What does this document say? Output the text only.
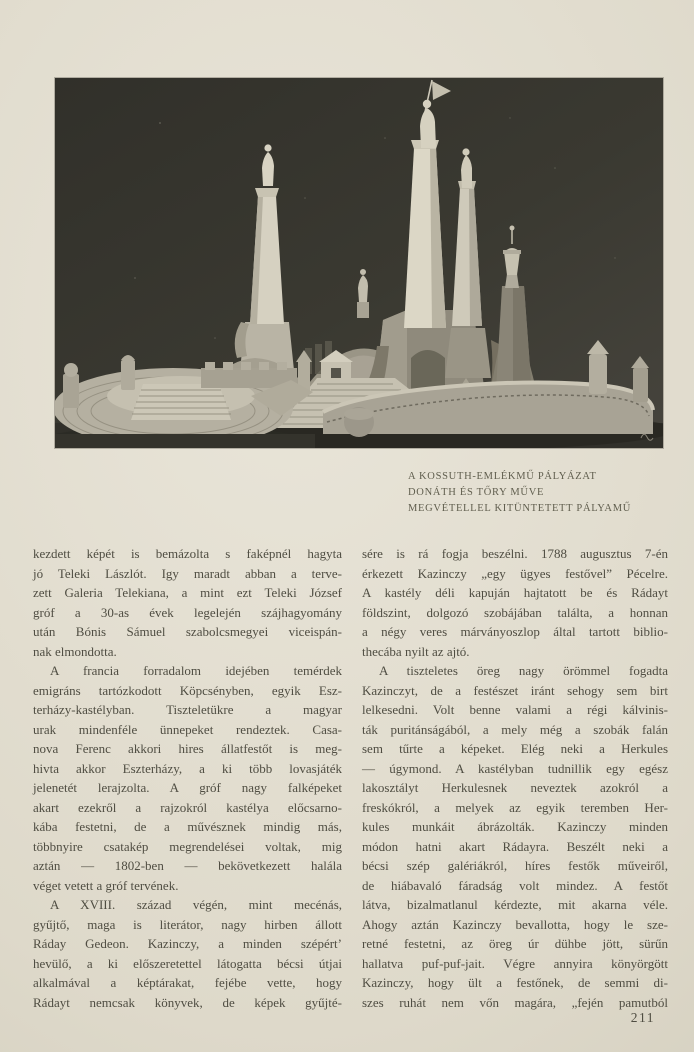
A KOSSUTH-EMLÉKMŰ PÁLYÁZAT
DONÁTH ÉS TŐRY MŰVE
MEGVÉTELLEL KITÜNTETETT PÁLYAMŰ
kezdett képét is bemázolta s faképnél hagyta
jó Teleki Lászlót. Igy maradt abban a terve-
zett Galeria Telekiana, a mint ezt Teleki József
gróf a 30-as évek legelején szájhagyomány
után Bónis Sámuel szabolcsmegyei viceispán-
nak elmondotta.
A francia forradalom idejében temérdek
emigráns tartózkodott Köpcsényben, egyik Esz-
terházy-kastélyban. Tiszteletükre a magyar
urak mindenféle ünnepeket rendeztek. Casa-
nova Ferenc akkori hires állatfestőt is meg-
hivta akkor Eszterházy, a ki több lovasjáték
jelenetét lerajzolta. A gróf nagy falképeket
akart ezekről a rajzokról kastélya előcsarno-
kába festetni, de a művésznek mindig más,
többnyire csatakép megrendelései voltak, mig
aztán — 1802-ben — bekövetkezett halála
véget vetett a gróf tervének.
A XVIII. század végén, mint mecénás,
gyűjtő, maga is literátor, nagy hirben állott
Ráday Gedeon. Kazinczy, a minden szépért’
hevülő, a ki előszeretettel látogatta bécsi útjai
alkalmával a képtárakat, fejébe vette, hogy
Rádayt nemcsak könyvek, de képek gyűjté-
sére is rá fogja beszélni. 1788 augusztus 7-én
érkezett Kazinczy „egy ügyes festővel” Pécelre.
A kastély déli kapuján hajtatott be és Rádayt
földszint, dolgozó szobájában találta, a honnan
a négy veres márványoszlop által tartott biblio-
thecába nyilt az ajtó.
A tiszteletes öreg nagy örömmel fogadta
Kazinczyt, de a festészet iránt sehogy sem birt
lelkesedni. Volt benne valami a régi kálvinis-
ták puritánságából, a mely még a szobák falán
sem tűrte a képeket. Elég neki a Herkules
— úgymond. A kastélyban tudnillik egy egész
lakosztályt Herkulesnek neveztek azokról a
freskókról, a melyek az egyik teremben Her-
kules munkáit ábrázolták. Kazinczy minden
módon hatni akart Rádayra. Beszélt neki a
bécsi szép galériákról, híres festők műveiről,
de hiábavaló fáradság volt mindez. A festőt
látva, bizalmatlanul kérdezte, mit akarna véle.
Ahogy aztán Kazinczy bevallotta, hogy le sze-
retné festetni, az öreg úr dühbe jött, sürűn
hallatva puf-puf-jait. Végre annyira könyörgött
Kazinczy, hogy ült a festőnek, de semmi di-
szes ruhát nem vőn magára, „fején pamutból
211
